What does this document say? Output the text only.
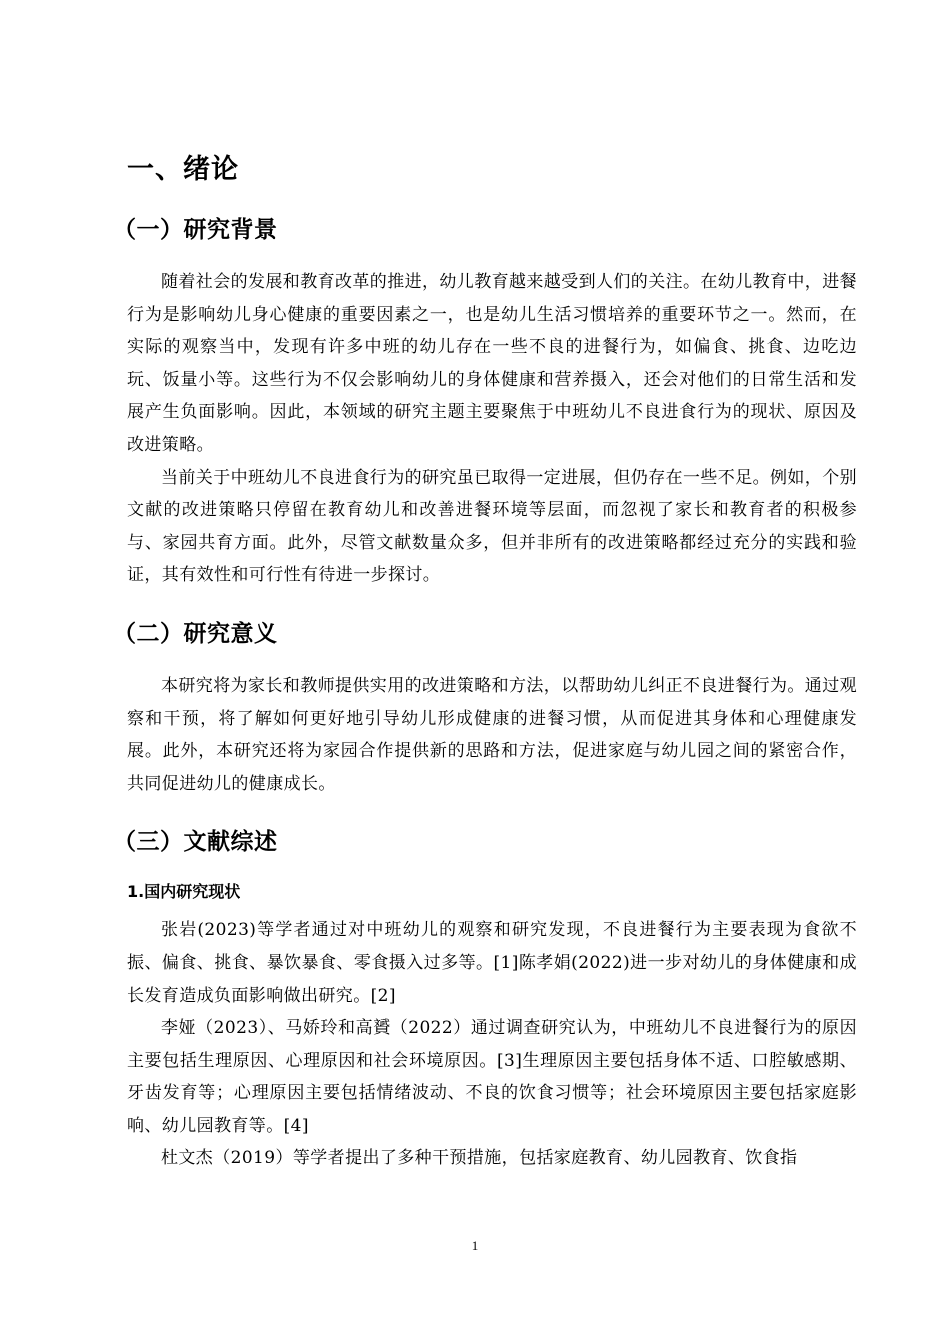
一、绪论
（一）研究背景

随着社会的发展和教育改革的推进，幼儿教育越来越受到人们的关注。在幼儿教育中，进餐行为是影响幼儿身心健康的重要因素之一，也是幼儿生活习惯培养的重要环节之一。然而，在实际的观察当中，发现有许多中班的幼儿存在一些不良的进餐行为，如偏食、挑食、边吃边玩、饭量小等。这些行为不仅会影响幼儿的身体健康和营养摄入，还会对他们的日常生活和发展产生负面影响。因此，本领域的研究主题主要聚焦于中班幼儿不良进食行为的现状、原因及改进策略。

当前关于中班幼儿不良进食行为的研究虽已取得一定进展，但仍存在一些不足。例如，个别文献的改进策略只停留在教育幼儿和改善进餐环境等层面，而忽视了家长和教育者的积极参与、家园共育方面。此外，尽管文献数量众多，但并非所有的改进策略都经过充分的实践和验证，其有效性和可行性有待进一步探讨。

（二）研究意义

本研究将为家长和教师提供实用的改进策略和方法，以帮助幼儿纠正不良进餐行为。通过观察和干预，将了解如何更好地引导幼儿形成健康的进餐习惯，从而促进其身体和心理健康发展。此外，本研究还将为家园合作提供新的思路和方法，促进家庭与幼儿园之间的紧密合作，共同促进幼儿的健康成长。

（三）文献综述
1.国内研究现状

张岩(2023)等学者通过对中班幼儿的观察和研究发现，不良进餐行为主要表现为食欲不振、偏食、挑食、暴饮暴食、零食摄入过多等。[1]陈孝娟(2022)进一步对幼儿的身体健康和成长发育造成负面影响做出研究。[2]

李娅（2023）、马娇玲和高贇（2022）通过调查研究认为，中班幼儿不良进餐行为的原因主要包括生理原因、心理原因和社会环境原因。[3]生理原因主要包括身体不适、口腔敏感期、牙齿发育等；心理原因主要包括情绪波动、不良的饮食习惯等；社会环境原因主要包括家庭影响、幼儿园教育等。[4]

杜文杰（2019）等学者提出了多种干预措施，包括家庭教育、幼儿园教育、饮食指

1
